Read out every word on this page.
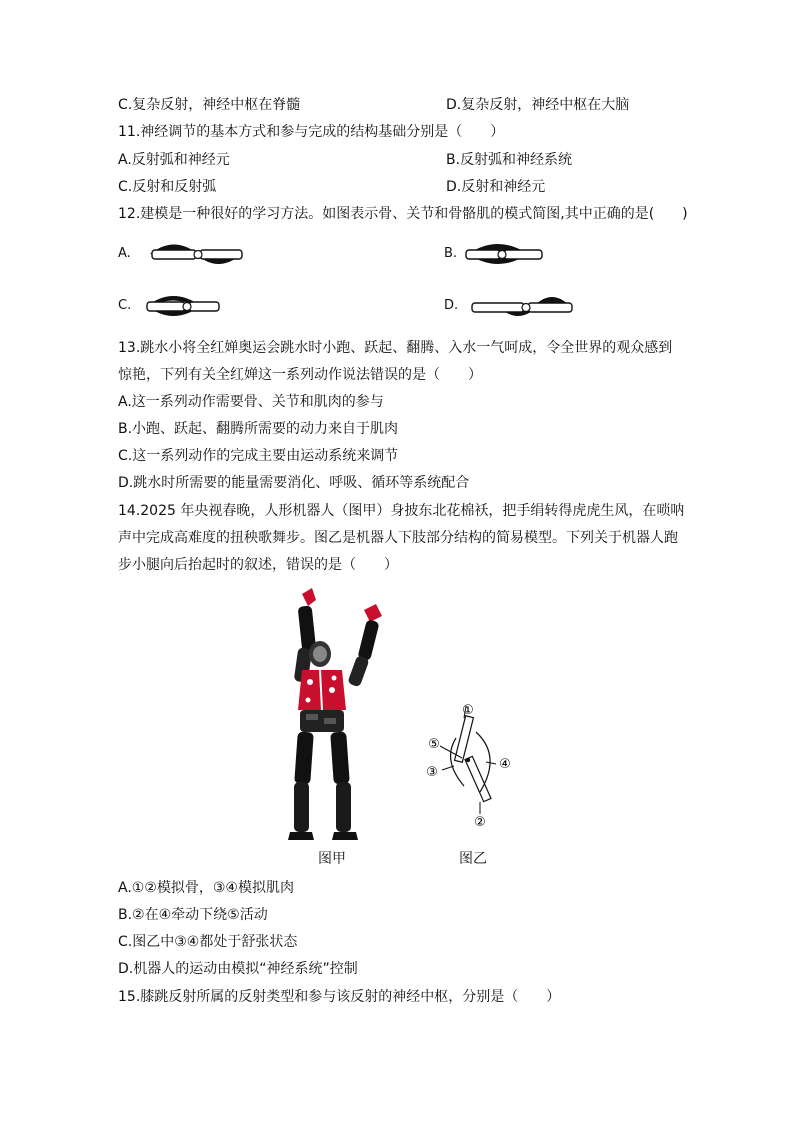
C.复杂反射，神经中枢在脊髓	D.复杂反射，神经中枢在大脑
11.神经调节的基本方式和参与完成的结构基础分别是（　　）
A.反射弧和神经元	B.反射弧和神经系统
C.反射和反射弧	D.反射和神经元
12.建模是一种很好的学习方法。如图表示骨、关节和骨骼肌的模式简图,其中正确的是(　　)
A.	B.
C.	D.
13.跳水小将全红婵奥运会跳水时小跑、跃起、翻腾、入水一气呵成，令全世界的观众感到
惊艳，下列有关全红婵这一系列动作说法错误的是（　　）
A.这一系列动作需要骨、关节和肌肉的参与
B.小跑、跃起、翻腾所需要的动力来自于肌肉
C.这一系列动作的完成主要由运动系统来调节
D.跳水时所需要的能量需要消化、呼吸、循环等系统配合
14.2025 年央视春晚，人形机器人（图甲）身披东北花棉袄，把手绢转得虎虎生风，在唢呐
声中完成高难度的扭秧歌舞步。图乙是机器人下肢部分结构的简易模型。下列关于机器人跑
步小腿向后抬起时的叙述，错误的是（　　）
①
②
③
④
⑤
图甲	图乙
A.①②模拟骨，③④模拟肌肉
B.②在④牵动下绕⑤活动
C.图乙中③④都处于舒张状态
D.机器人的运动由模拟“神经系统”控制
15.膝跳反射所属的反射类型和参与该反射的神经中枢，分别是（　　）
